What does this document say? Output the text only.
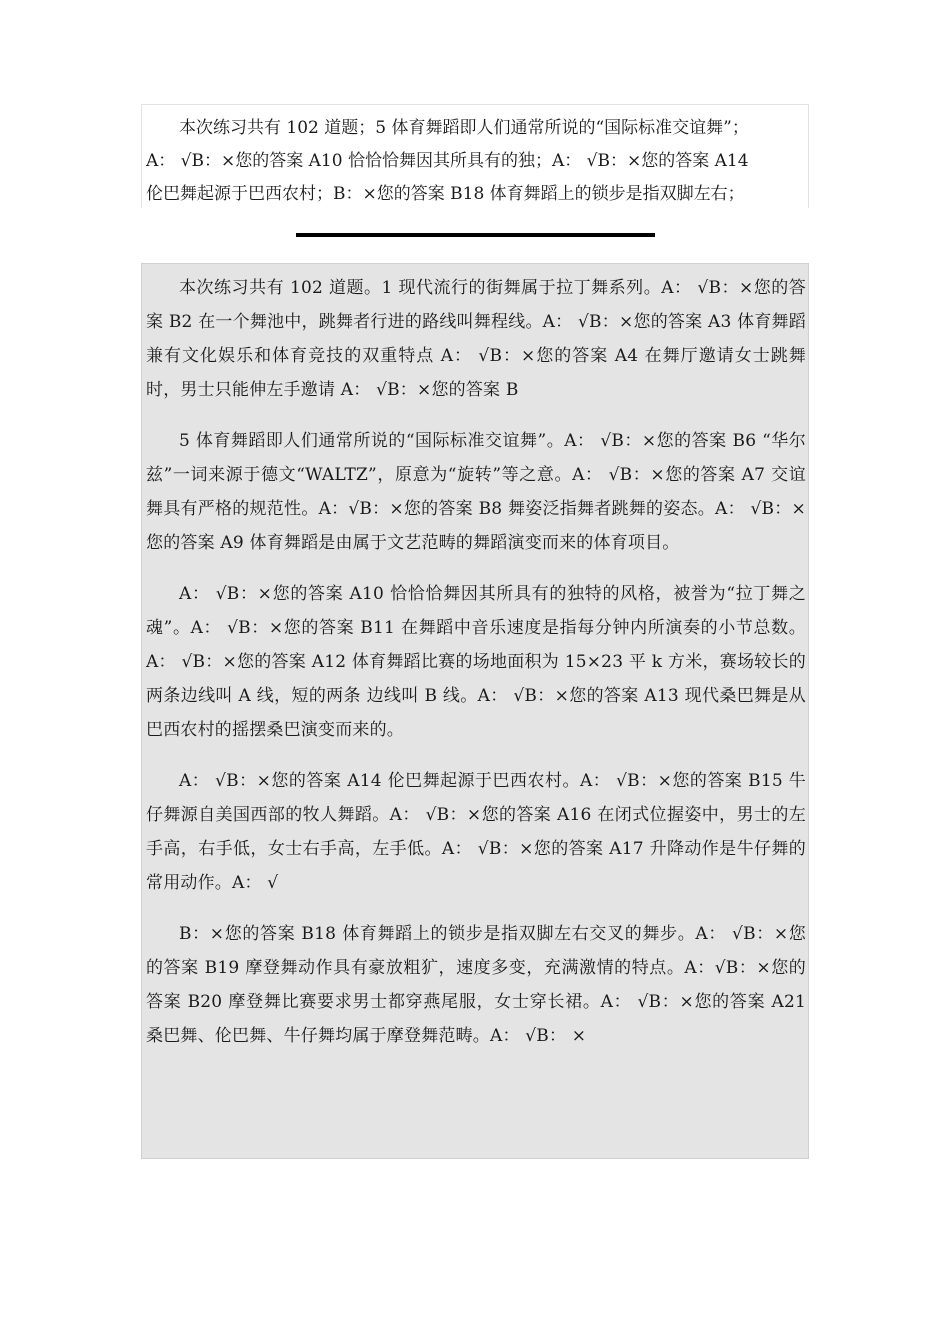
本次练习共有 102 道题；5 体育舞蹈即人们通常所说的“国际标准交谊舞”；
A： √B：×您的答案 A10 恰恰恰舞因其所具有的独；A： √B：×您的答案 A14
伦巴舞起源于巴西农村；B：×您的答案 B18 体育舞蹈上的锁步是指双脚左右；

本次练习共有 102 道题。1 现代流行的街舞属于拉丁舞系列。A： √B：×您的答案 B2 在一个舞池中，跳舞者行进的路线叫舞程线。A： √B：×您的答案 A3 体育舞蹈兼有文化娱乐和体育竞技的双重特点 A： √B：×您的答案 A4 在舞厅邀请女士跳舞时，男士只能伸左手邀请 A： √B：×您的答案 B

5 体育舞蹈即人们通常所说的“国际标准交谊舞”。A： √B：×您的答案 B6 “华尔兹”一词来源于德文“WALTZ”，原意为“旋转”等之意。A： √B：×您的答案 A7 交谊舞具有严格的规范性。A：√B：×您的答案 B8 舞姿泛指舞者跳舞的姿态。A： √B：×您的答案 A9 体育舞蹈是由属于文艺范畴的舞蹈演变而来的体育项目。

A： √B：×您的答案 A10 恰恰恰舞因其所具有的独特的风格，被誉为“拉丁舞之魂”。A： √B：×您的答案 B11 在舞蹈中音乐速度是指每分钟内所演奏的小节总数。A： √B：×您的答案 A12 体育舞蹈比赛的场地面积为 15×23 平 k 方米，赛场较长的两条边线叫 A 线，短的两条 边线叫 B 线。A： √B：×您的答案 A13 现代桑巴舞是从巴西农村的摇摆桑巴演变而来的。

A： √B：×您的答案 A14 伦巴舞起源于巴西农村。A： √B：×您的答案 B15 牛仔舞源自美国西部的牧人舞蹈。A： √B：×您的答案 A16 在闭式位握姿中，男士的左手高，右手低，女士右手高，左手低。A： √B：×您的答案 A17 升降动作是牛仔舞的常用动作。A： √

B：×您的答案 B18 体育舞蹈上的锁步是指双脚左右交叉的舞步。A： √B：×您的答案 B19 摩登舞动作具有豪放粗犷，速度多变，充满激情的特点。A：√B：×您的答案 B20 摩登舞比赛要求男士都穿燕尾服，女士穿长裙。A： √B：×您的答案 A21 桑巴舞、伦巴舞、牛仔舞均属于摩登舞范畴。A： √B： ×
